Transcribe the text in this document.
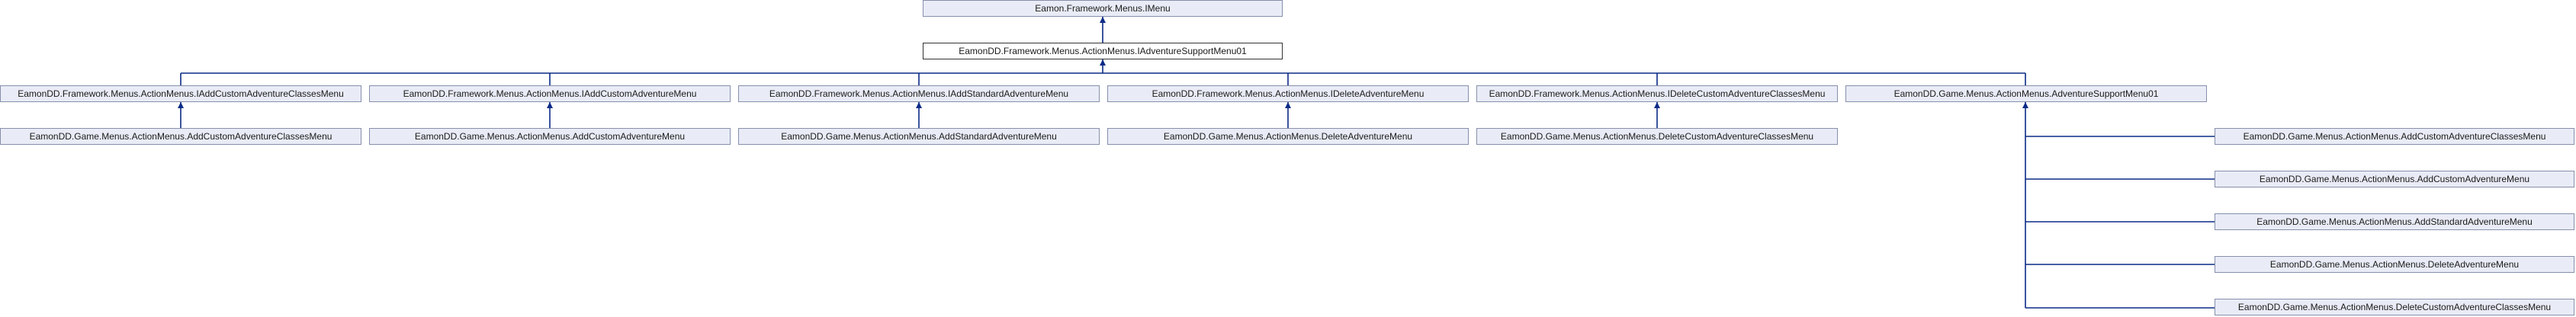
Eamon.Framework.Menus.IMenu
EamonDD.Framework.Menus.ActionMenus.IAdventureSupportMenu01
EamonDD.Framework.Menus.ActionMenus.IAddCustomAdventureClassesMenu	EamonDD.Framework.Menus.ActionMenus.IAddCustomAdventureMenu	EamonDD.Framework.Menus.ActionMenus.IAddStandardAdventureMenu	EamonDD.Framework.Menus.ActionMenus.IDeleteAdventureMenu	EamonDD.Framework.Menus.ActionMenus.IDeleteCustomAdventureClassesMenu	EamonDD.Game.Menus.ActionMenus.AdventureSupportMenu01
EamonDD.Game.Menus.ActionMenus.AddCustomAdventureClassesMenu	EamonDD.Game.Menus.ActionMenus.AddCustomAdventureMenu	EamonDD.Game.Menus.ActionMenus.AddStandardAdventureMenu	EamonDD.Game.Menus.ActionMenus.DeleteAdventureMenu	EamonDD.Game.Menus.ActionMenus.DeleteCustomAdventureClassesMenu	EamonDD.Game.Menus.ActionMenus.AddCustomAdventureClassesMenu
EamonDD.Game.Menus.ActionMenus.AddCustomAdventureMenu
EamonDD.Game.Menus.ActionMenus.AddStandardAdventureMenu
EamonDD.Game.Menus.ActionMenus.DeleteAdventureMenu
EamonDD.Game.Menus.ActionMenus.DeleteCustomAdventureClassesMenu
